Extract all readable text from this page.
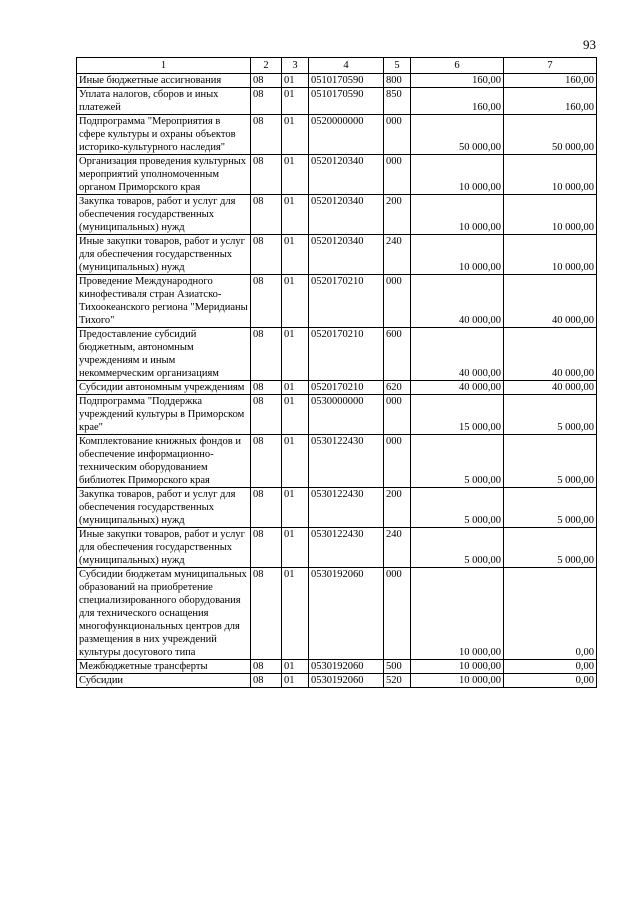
93
1	2	3	4	5	6	7
Иные бюджетные ассигнования	08	01	0510170590	800	160,00	160,00
Уплата налогов, сборов и иных платежей	08	01	0510170590	850	160,00	160,00
Подпрограмма "Мероприятия в сфере культуры и охраны объектов историко-культурного наследия"	08	01	0520000000	000	50 000,00	50 000,00
Организация проведения культурных мероприятий уполномоченным органом Приморского края	08	01	0520120340	000	10 000,00	10 000,00
Закупка товаров, работ и услуг для обеспечения государственных (муниципальных) нужд	08	01	0520120340	200	10 000,00	10 000,00
Иные закупки товаров, работ и услуг для обеспечения государственных (муниципальных) нужд	08	01	0520120340	240	10 000,00	10 000,00
Проведение Международного кинофестиваля стран Азиатско-Тихоокеанского региона "Меридианы Тихого"	08	01	0520170210	000	40 000,00	40 000,00
Предоставление субсидий бюджетным, автономным учреждениям и иным некоммерческим организациям	08	01	0520170210	600	40 000,00	40 000,00
Субсидии автономным учреждениям	08	01	0520170210	620	40 000,00	40 000,00
Подпрограмма "Поддержка учреждений культуры в Приморском крае"	08	01	0530000000	000	15 000,00	5 000,00
Комплектование книжных фондов и обеспечение информационно-техническим оборудованием библиотек Приморского края	08	01	0530122430	000	5 000,00	5 000,00
Закупка товаров, работ и услуг для обеспечения государственных (муниципальных) нужд	08	01	0530122430	200	5 000,00	5 000,00
Иные закупки товаров, работ и услуг для обеспечения государственных (муниципальных) нужд	08	01	0530122430	240	5 000,00	5 000,00
Субсидии бюджетам муниципальных образований на приобретение специализированного оборудования для технического оснащения многофункциональных центров для размещения в них учреждений культуры досугового типа	08	01	0530192060	000	10 000,00	0,00
Межбюджетные трансферты	08	01	0530192060	500	10 000,00	0,00
Субсидии	08	01	0530192060	520	10 000,00	0,00
